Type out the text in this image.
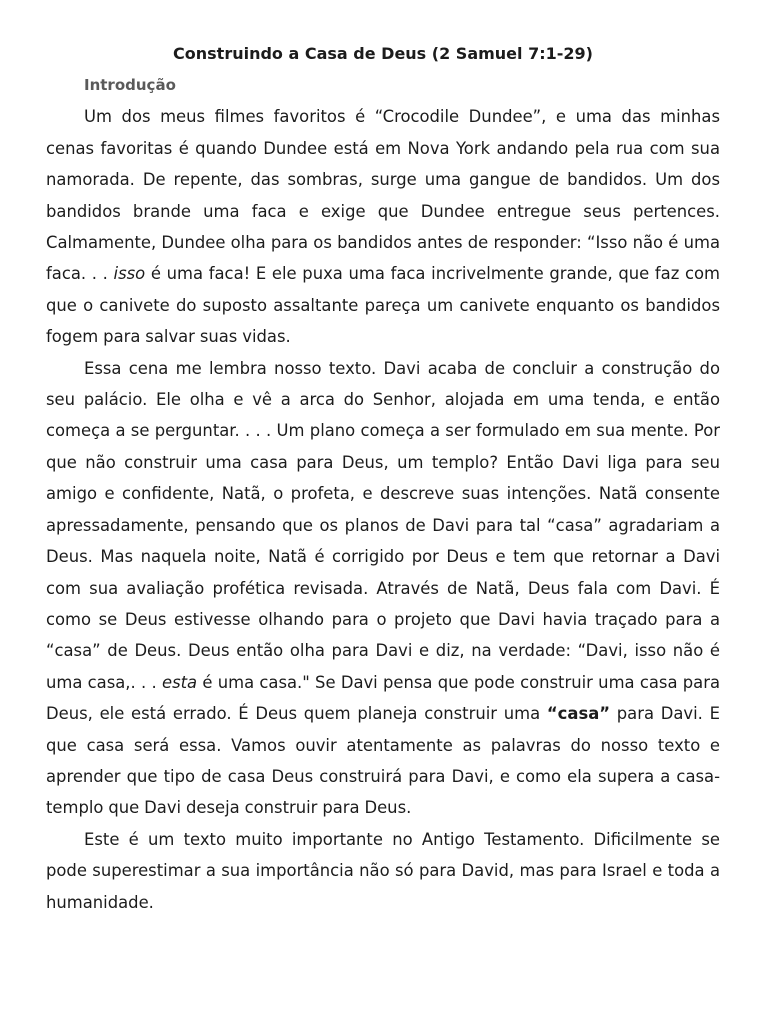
Construindo a Casa de Deus (2 Samuel 7:1-29)
Introdução

Um dos meus filmes favoritos é “Crocodile Dundee”, e uma das minhas cenas favoritas é quando Dundee está em Nova York andando pela rua com sua namorada. De repente, das sombras, surge uma gangue de bandidos. Um dos bandidos brande uma faca e exige que Dundee entregue seus pertences. Calmamente, Dundee olha para os bandidos antes de responder: “Isso não é uma faca. . . isso é uma faca! E ele puxa uma faca incrivelmente grande, que faz com que o canivete do suposto assaltante pareça um canivete enquanto os bandidos fogem para salvar suas vidas.

Essa cena me lembra nosso texto. Davi acaba de concluir a construção do seu palácio. Ele olha e vê a arca do Senhor, alojada em uma tenda, e então começa a se perguntar. . . . Um plano começa a ser formulado em sua mente. Por que não construir uma casa para Deus, um templo? Então Davi liga para seu amigo e confidente, Natã, o profeta, e descreve suas intenções. Natã consente apressadamente, pensando que os planos de Davi para tal “casa” agradariam a Deus. Mas naquela noite, Natã é corrigido por Deus e tem que retornar a Davi com sua avaliação profética revisada. Através de Natã, Deus fala com Davi. É como se Deus estivesse olhando para o projeto que Davi havia traçado para a “casa” de Deus. Deus então olha para Davi e diz, na verdade: “Davi, isso não é uma casa,. . . esta é uma casa." Se Davi pensa que pode construir uma casa para Deus, ele está errado. É Deus quem planeja construir uma “casa” para Davi. E que casa será essa. Vamos ouvir atentamente as palavras do nosso texto e aprender que tipo de casa Deus construirá para Davi, e como ela supera a casa-templo que Davi deseja construir para Deus.

Este é um texto muito importante no Antigo Testamento. Dificilmente se pode superestimar a sua importância não só para David, mas para Israel e toda a humanidade.
